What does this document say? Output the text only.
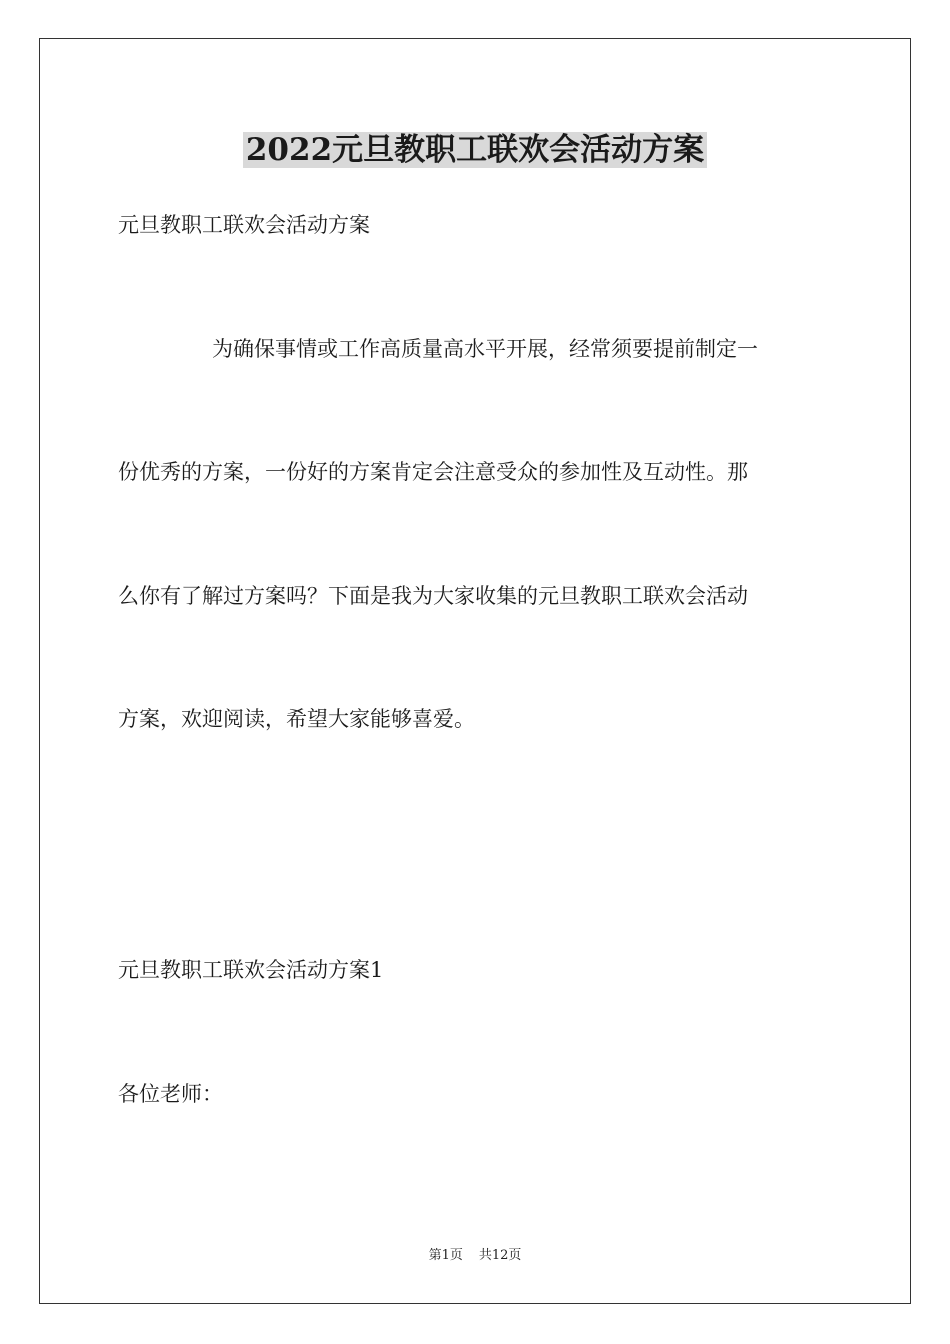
2022元旦教职工联欢会活动方案
元旦教职工联欢会活动方案
为确保事情或工作高质量高水平开展，经常须要提前制定一
份优秀的方案，一份好的方案肯定会注意受众的参加性及互动性。那
么你有了解过方案吗？下面是我为大家收集的元旦教职工联欢会活动
方案，欢迎阅读，希望大家能够喜爱。
元旦教职工联欢会活动方案1
各位老师：
第1页 共12页
